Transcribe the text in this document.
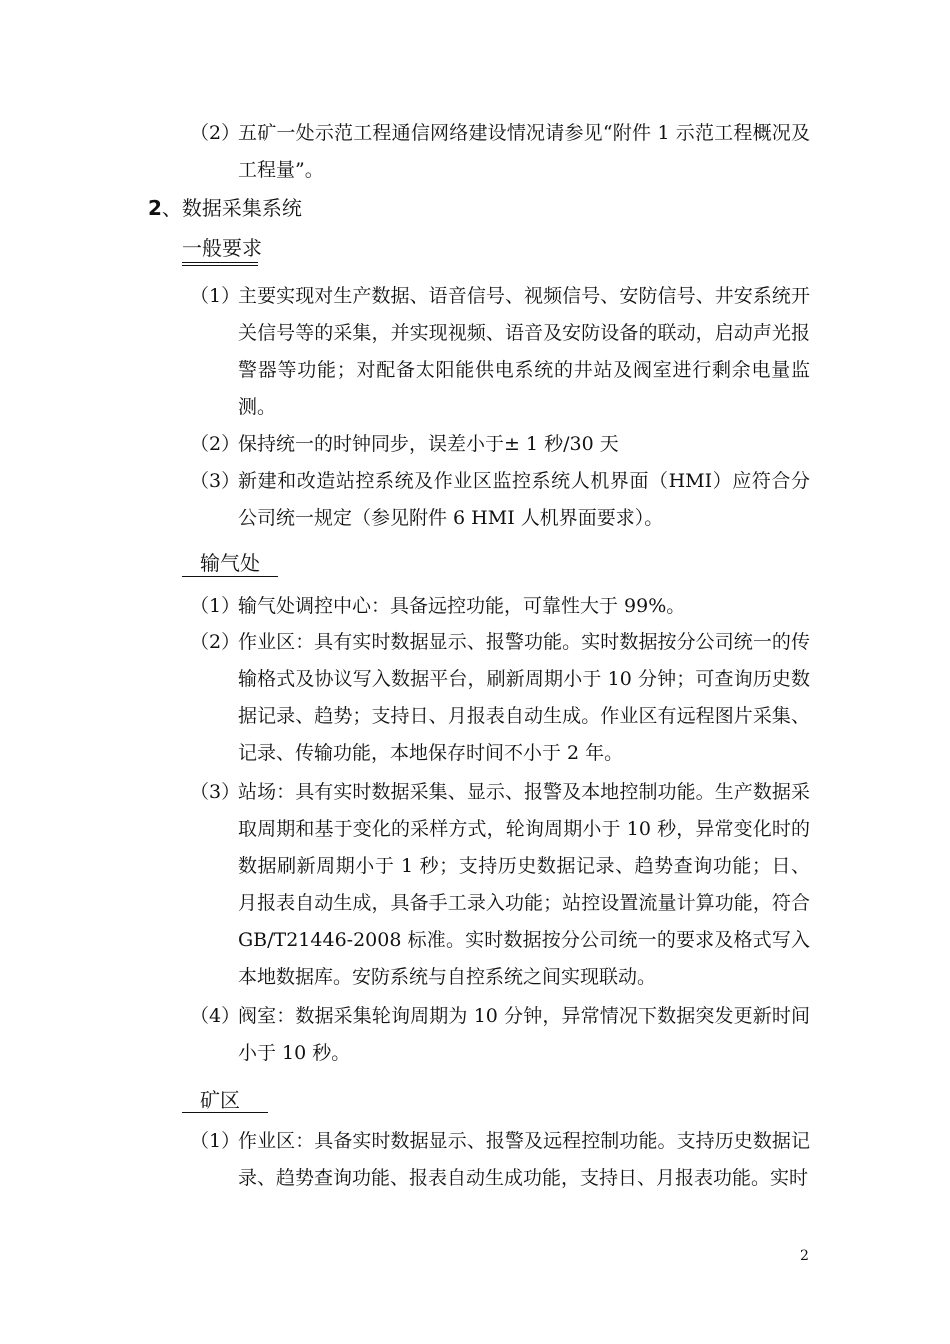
（2）
五矿一处示范工程通信网络建设情况请参见“附件 1 示范工程概况及工程量”。
2、数据采集系统
一般要求
（1）
主要实现对生产数据、语音信号、视频信号、安防信号、井安系统开关信号等的采集，并实现视频、语音及安防设备的联动，启动声光报警器等功能；对配备太阳能供电系统的井站及阀室进行剩余电量监测。
（2）
保持统一的时钟同步，误差小于± 1 秒/30 天
（3）
新建和改造站控系统及作业区监控系统人机界面（HMI）应符合分公司统一规定（参见附件 6 HMI 人机界面要求）。
输气处
（1）
输气处调控中心：具备远控功能，可靠性大于 99%。
（2）
作业区：具有实时数据显示、报警功能。实时数据按分公司统一的传输格式及协议写入数据平台，刷新周期小于 10 分钟；可查询历史数据记录、趋势；支持日、月报表自动生成。作业区有远程图片采集、记录、传输功能，本地保存时间不小于 2 年。
（3）
站场：具有实时数据采集、显示、报警及本地控制功能。生产数据采取周期和基于变化的采样方式，轮询周期小于 10 秒，异常变化时的数据刷新周期小于 1 秒；支持历史数据记录、趋势查询功能；日、月报表自动生成，具备手工录入功能；站控设置流量计算功能，符合GB/T21446-2008 标准。实时数据按分公司统一的要求及格式写入本地数据库。安防系统与自控系统之间实现联动。
（4）
阀室：数据采集轮询周期为 10 分钟，异常情况下数据突发更新时间小于 10 秒。
矿区
（1）
作业区：具备实时数据显示、报警及远程控制功能。支持历史数据记录、趋势查询功能、报表自动生成功能，支持日、月报表功能。实时
2
